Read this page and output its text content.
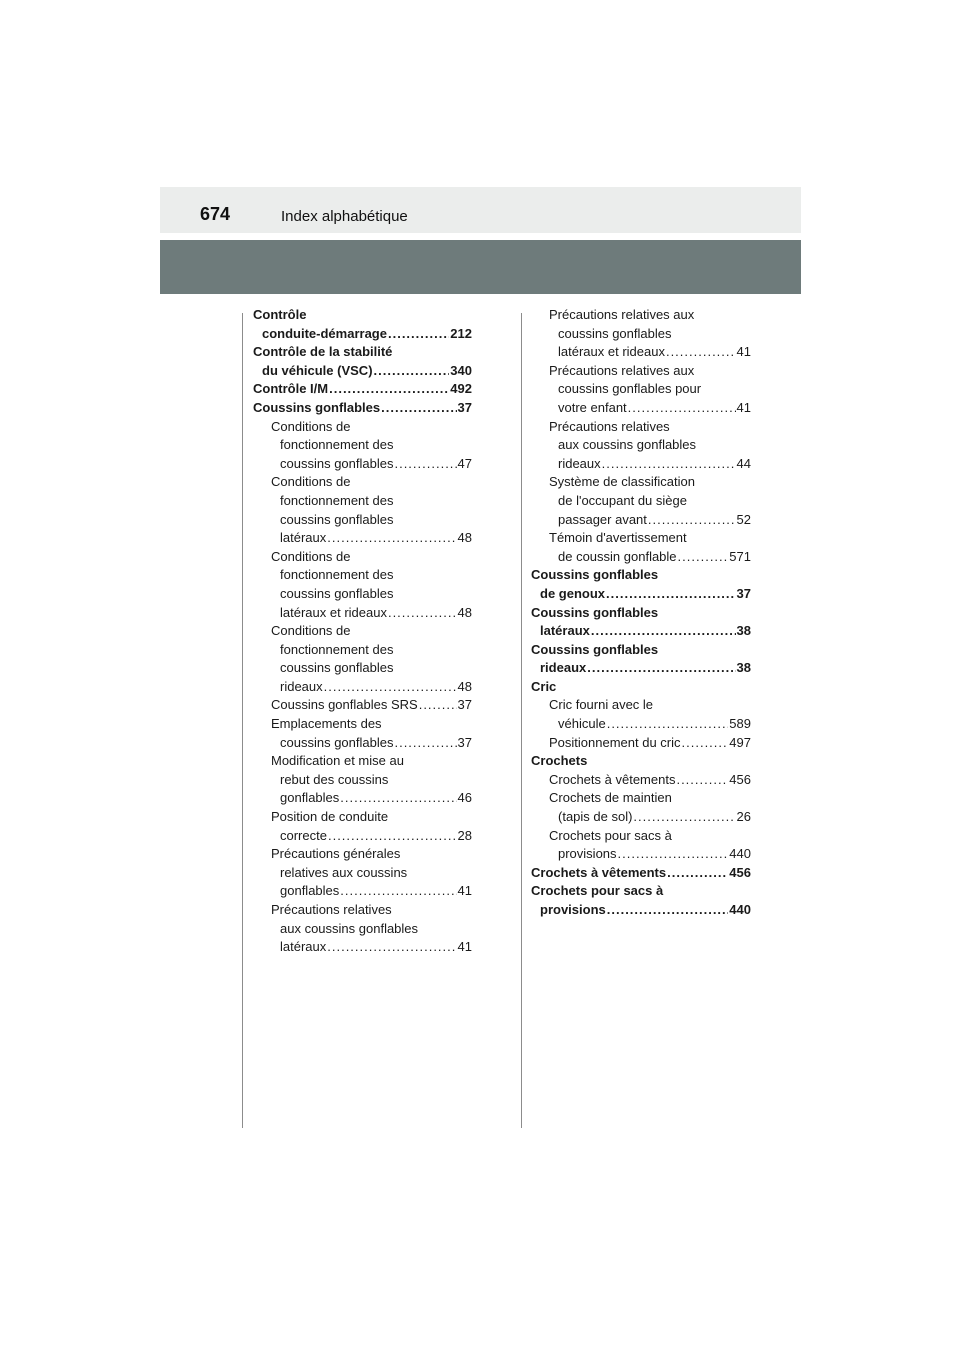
674	Index alphabétique
Contrôle
conduite-démarrage .....	212
Contrôle de la stabilité
du véhicule (VSC) .....	340
Contrôle I/M .....	492
Coussins gonflables .....	37
Conditions de
fonctionnement des
coussins gonflables .....	47
Conditions de
fonctionnement des
coussins gonflables
latéraux .....	48
Conditions de
fonctionnement des
coussins gonflables
latéraux et rideaux .....	48
Conditions de
fonctionnement des
coussins gonflables
rideaux .....	48
Coussins gonflables SRS .....	37
Emplacements des
coussins gonflables .....	37
Modification et mise au
rebut des coussins
gonflables .....	46
Position de conduite
correcte .....	28
Précautions générales
relatives aux coussins
gonflables .....	41
Précautions relatives
aux coussins gonflables
latéraux .....	41
Précautions relatives aux
coussins gonflables
latéraux et rideaux .....	41
Précautions relatives aux
coussins gonflables pour
votre enfant .....	41
Précautions relatives
aux coussins gonflables
rideaux .....	44
Système de classification
de l'occupant du siège
passager avant .....	52
Témoin d'avertissement
de coussin gonflable .....	571
Coussins gonflables
de genoux .....	37
Coussins gonflables
latéraux .....	38
Coussins gonflables
rideaux .....	38
Cric
Cric fourni avec le
véhicule .....	589
Positionnement du cric .....	497
Crochets
Crochets à vêtements .....	456
Crochets de maintien
(tapis de sol) .....	26
Crochets pour sacs à
provisions .....	440
Crochets à vêtements .....	456
Crochets pour sacs à
provisions .....	440
